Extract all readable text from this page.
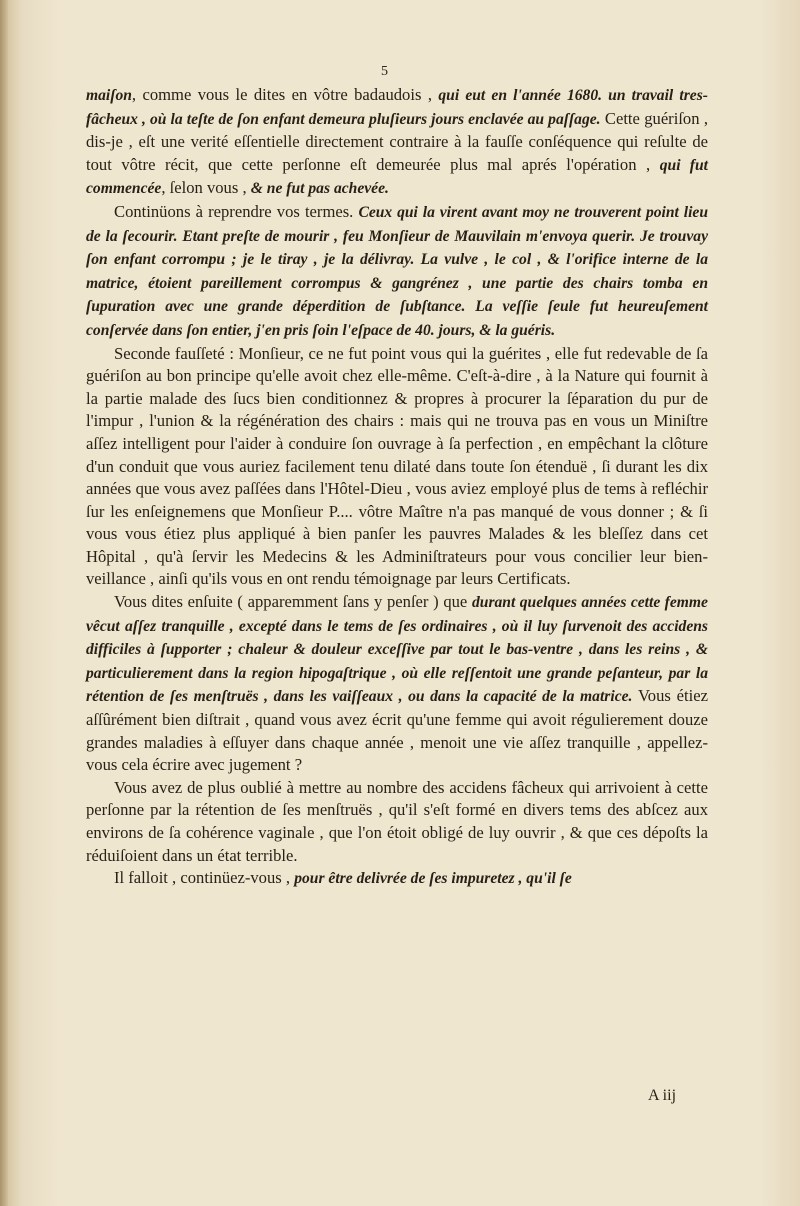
5

maiſon, comme vous le dites en vôtre badaudois , qui eut en l'année 1680. un travail tres-fâcheux , où la teſte de ſon enfant demeura pluſieurs jours enclavée au paſſage. Cette guériſon , dis-je , eſt une verité eſſentielle directement contraire à la fauſſe conſéquence qui reſulte de tout vôtre récit, que cette perſonne eſt demeurée plus mal aprés l'opération , qui fut commencée, ſelon vous , & ne fut pas achevée.

Continüons à reprendre vos termes. Ceux qui la virent avant moy ne trouverent point lieu de la ſecourir. Etant preſte de mourir , feu Monſieur de Mauvilain m'envoya querir. Je trouvay ſon enfant corrompu ; je le tiray , je la délivray. La vulve , le col , & l'orifice interne de la matrice, étoient pareillement corrompus & gangrénez , une partie des chairs tomba en ſupuration avec une grande déperdition de ſubſtance. La veſſie ſeule fut heureuſement conſervée dans ſon entier, j'en pris ſoin l'eſpace de 40. jours, & la guéris.

Seconde fauſſeté : Monſieur, ce ne fut point vous qui la guérites , elle fut redevable de ſa guériſon au bon principe qu'elle avoit chez elle-même. C'eſt-à-dire , à la Nature qui fournit à la partie malade des ſucs bien conditionnez & propres à procurer la ſéparation du pur de l'impur , l'union & la régénération des chairs : mais qui ne trouva pas en vous un Miniſtre aſſez intelligent pour l'aider à conduire ſon ouvrage à ſa perfection , en empêchant la clôture d'un conduit que vous auriez facilement tenu dilaté dans toute ſon étenduë , ſi durant les dix années que vous avez paſſées dans l'Hôtel-Dieu , vous aviez employé plus de tems à refléchir ſur les enſeignemens que Monſieur P.... vôtre Maître n'a pas manqué de vous donner ; & ſi vous vous étiez plus appliqué à bien panſer les pauvres Malades & les bleſſez dans cet Hôpital , qu'à ſervir les Medecins & les Adminiſtrateurs pour vous concilier leur bien-veillance , ainſi qu'ils vous en ont rendu témoignage par leurs Certificats.

Vous dites enſuite ( apparemment ſans y penſer ) que durant quelques années cette femme vêcut aſſez tranquille , excepté dans le tems de ſes ordinaires , où il luy ſurvenoit des accidens difficiles à ſupporter ; chaleur & douleur exceſſive par tout le bas-ventre , dans les reins , & particulierement dans la region hipogaſtrique , où elle reſſentoit une grande peſanteur, par la rétention de ſes menſtruës , dans les vaiſſeaux , ou dans la capacité de la matrice. Vous étiez aſſûrément bien diſtrait , quand vous avez écrit qu'une femme qui avoit régulierement douze grandes maladies à eſſuyer dans chaque année , menoit une vie aſſez tranquille , appellez-vous cela écrire avec jugement ?

Vous avez de plus oublié à mettre au nombre des accidens fâcheux qui arrivoient à cette perſonne par la rétention de ſes menſtruës , qu'il s'eſt formé en divers tems des abſcez aux environs de ſa cohérence vaginale , que l'on étoit obligé de luy ouvrir , & que ces dépoſts la réduiſoient dans un état terrible.

Il falloit , continüez-vous , pour être delivrée de ſes impuretez , qu'il ſe

A iij
